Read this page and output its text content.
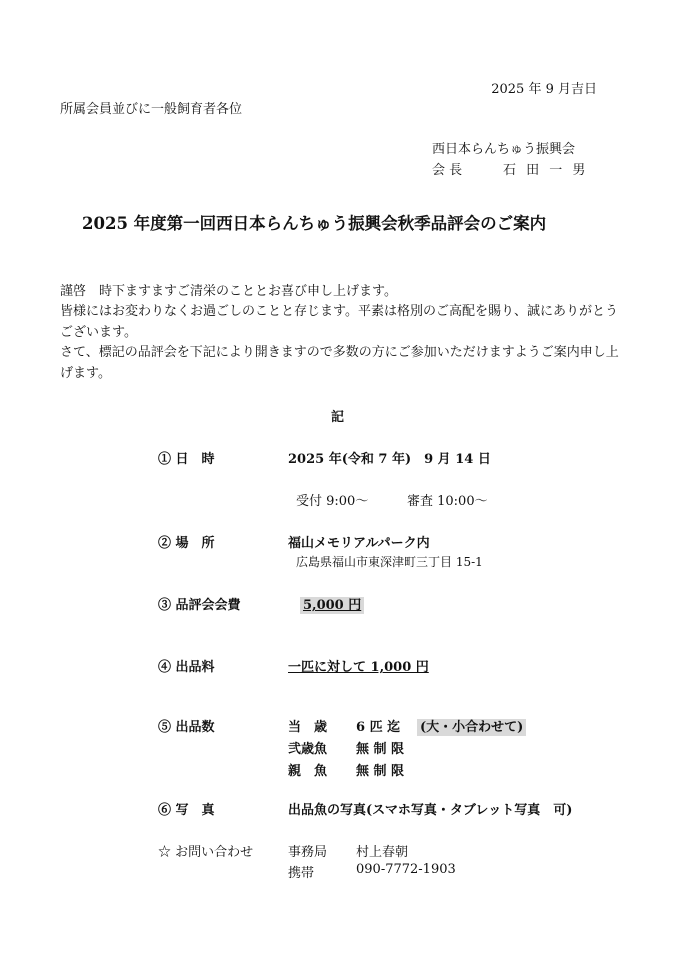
2025 年 9 月吉日
所属会員並びに一般飼育者各位
西日本らんちゅう振興会
会 長	石 田 一 男
2025 年度第一回西日本らんちゅう振興会秋季品評会のご案内
謹啓　時下ますますご清栄のこととお喜び申し上げます。
皆様にはお変わりなくお過ごしのことと存じます。平素は格別のご高配を賜り、誠にありがとうございます。
さて、標記の品評会を下記により開きますので多数の方にご参加いただけますようご案内申し上げます。
記
① 日　時	2025 年(令和 7 年)　9 月 14 日
受付 9:00～	審査 10:00～
② 場　所	福山メモリアルパーク内
広島県福山市東深津町三丁目 15-1
③ 品評会会費	5,000 円
④ 出品料	一匹に対して 1,000 円
⑤ 出品数	当　歳 6 匹 迄 (大・小合わせて)
弐歳魚 無 制 限
親　魚 無 制 限
⑥ 写　真	出品魚の写真(スマホ写真・タブレット写真　可)
☆ お問い合わせ	事務局 村上春朝
携帯	090-7772-1903
